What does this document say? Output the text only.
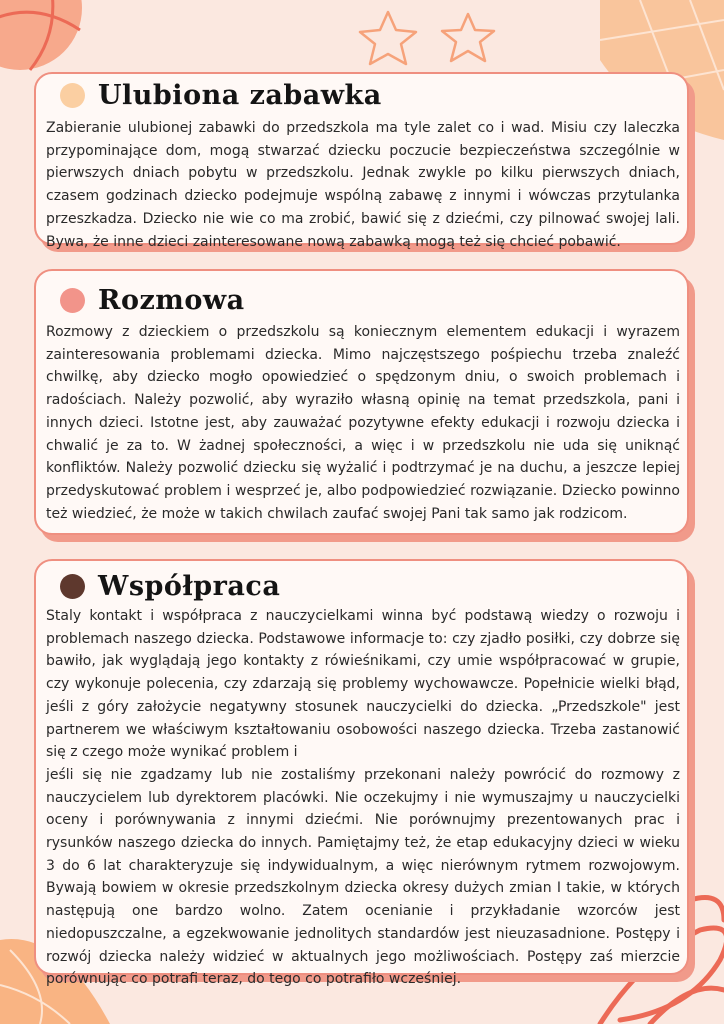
Ulubiona zabawka

Zabieranie ulubionej zabawki do przedszkola ma tyle zalet co i wad. Misiu czy laleczka przypominające dom, mogą stwarzać dziecku poczucie bezpieczeństwa szczególnie w pierwszych dniach pobytu w przedszkolu. Jednak zwykle po kilku pierwszych dniach, czasem godzinach dziecko podejmuje wspólną zabawę z innymi i wówczas przytulanka przeszkadza. Dziecko nie wie co ma zrobić, bawić się z dziećmi, czy pilnować swojej lali. Bywa, że inne dzieci zainteresowane nową zabawką mogą też się chcieć pobawić.

Rozmowa

Rozmowy z dzieckiem o przedszkolu są koniecznym elementem edukacji i wyrazem zainteresowania problemami dziecka. Mimo najczęstszego pośpiechu trzeba znaleźć chwilkę, aby dziecko mogło opowiedzieć o spędzonym dniu, o swoich problemach i radościach. Należy pozwolić, aby wyraziło własną opinię na temat przedszkola, pani i innych dzieci. Istotne jest, aby zauważać pozytywne efekty edukacji i rozwoju dziecka i chwalić je za to. W żadnej społeczności, a więc i w przedszkolu nie uda się uniknąć konfliktów. Należy pozwolić dziecku się wyżalić i podtrzymać je na duchu, a jeszcze lepiej przedyskutować problem i wesprzeć je, albo podpowiedzieć rozwiązanie. Dziecko powinno też wiedzieć, że może w takich chwilach zaufać swojej Pani tak samo jak rodzicom.

Współpraca

Staly kontakt i współpraca z nauczycielkami winna być podstawą wiedzy o rozwoju i problemach naszego dziecka. Podstawowe informacje to: czy zjadło posiłki, czy dobrze się bawiło, jak wyglądają jego kontakty z rówieśnikami, czy umie współpracować w grupie, czy wykonuje polecenia, czy zdarzają się problemy wychowawcze. Popełnicie wielki błąd, jeśli z góry założycie negatywny stosunek nauczycielki do dziecka. „Przedszkole" jest partnerem we właściwym kształtowaniu osobowości naszego dziecka. Trzeba zastanowić się z czego może wynikać problem i

jeśli się nie zgadzamy lub nie zostaliśmy przekonani należy powrócić do rozmowy z nauczycielem lub dyrektorem placówki. Nie oczekujmy i nie wymuszajmy u nauczycielki oceny i porównywania z innymi dziećmi. Nie porównujmy prezentowanych prac i rysunków naszego dziecka do innych. Pamiętajmy też, że etap edukacyjny dzieci w wieku 3 do 6 lat charakteryzuje się indywidualnym, a więc nierównym rytmem rozwojowym. Bywają bowiem w okresie przedszkolnym dziecka okresy dużych zmian I takie, w których następują one bardzo wolno. Zatem ocenianie i przykładanie wzorców jest niedopuszczalne, a egzekwowanie jednolitych standardów jest nieuzasadnione. Postępy i rozwój dziecka należy widzieć w aktualnych jego możliwościach. Postępy zaś mierzcie porównując co potrafi teraz, do tego co potrafiło wcześniej.
